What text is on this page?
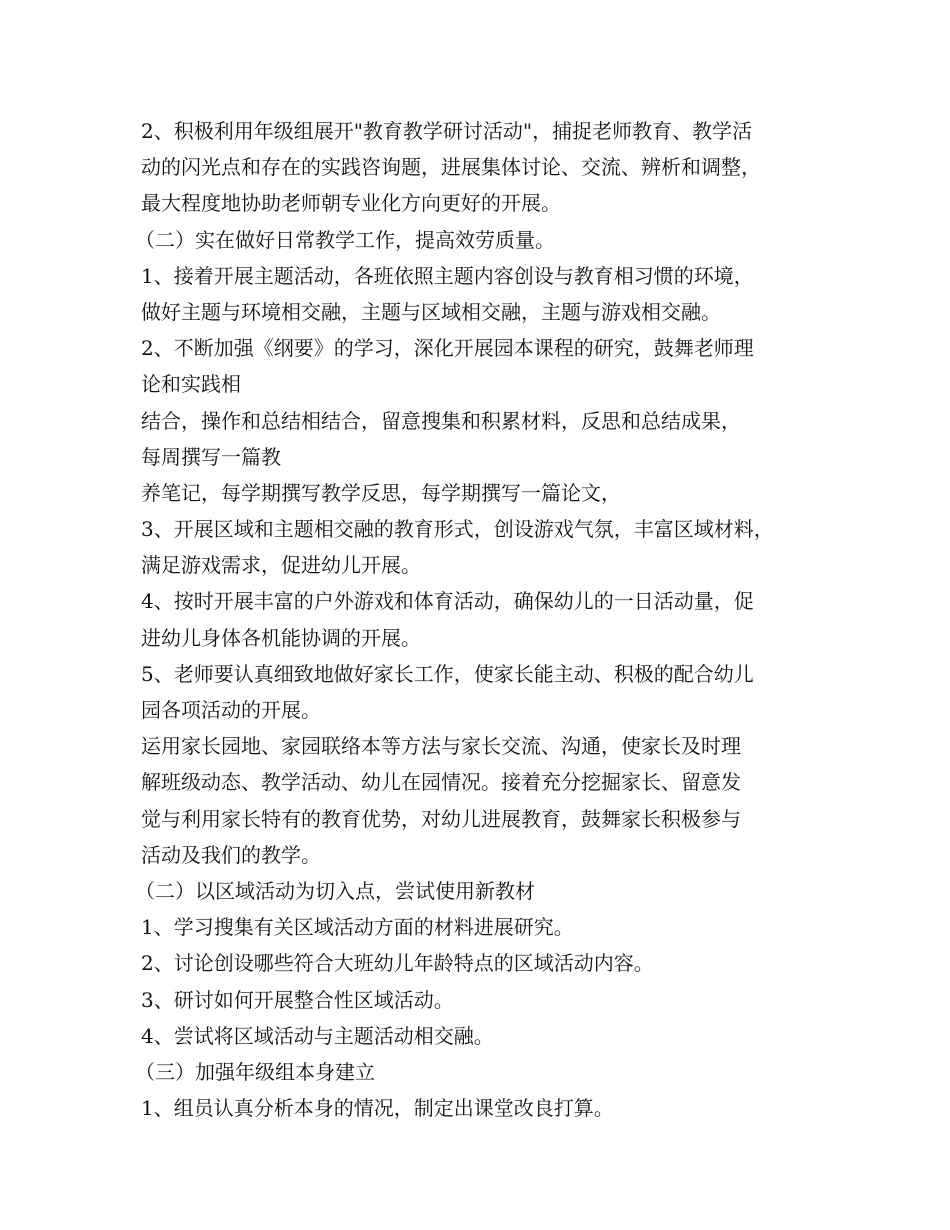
2、积极利用年级组展开"教育教学研讨活动"，捕捉老师教育、教学活
动的闪光点和存在的实践咨询题，进展集体讨论、交流、辨析和调整，
最大程度地协助老师朝专业化方向更好的开展。
（二）实在做好日常教学工作，提高效劳质量。
1、接着开展主题活动，各班依照主题内容创设与教育相习惯的环境，
做好主题与环境相交融，主题与区域相交融，主题与游戏相交融。
2、不断加强《纲要》的学习，深化开展园本课程的研究，鼓舞老师理
论和实践相
结合，操作和总结相结合，留意搜集和积累材料，反思和总结成果，
每周撰写一篇教
养笔记，每学期撰写教学反思，每学期撰写一篇论文，
3、开展区域和主题相交融的教育形式，创设游戏气氛，丰富区域材料，
满足游戏需求，促进幼儿开展。
4、按时开展丰富的户外游戏和体育活动，确保幼儿的一日活动量，促
进幼儿身体各机能协调的开展。
5、老师要认真细致地做好家长工作，使家长能主动、积极的配合幼儿
园各项活动的开展。
运用家长园地、家园联络本等方法与家长交流、沟通，使家长及时理
解班级动态、教学活动、幼儿在园情况。接着充分挖掘家长、留意发
觉与利用家长特有的教育优势，对幼儿进展教育，鼓舞家长积极参与
活动及我们的教学。
（二）以区域活动为切入点，尝试使用新教材
1、学习搜集有关区域活动方面的材料进展研究。
2、讨论创设哪些符合大班幼儿年龄特点的区域活动内容。
3、研讨如何开展整合性区域活动。
4、尝试将区域活动与主题活动相交融。
（三）加强年级组本身建立
1、组员认真分析本身的情况，制定出课堂改良打算。
